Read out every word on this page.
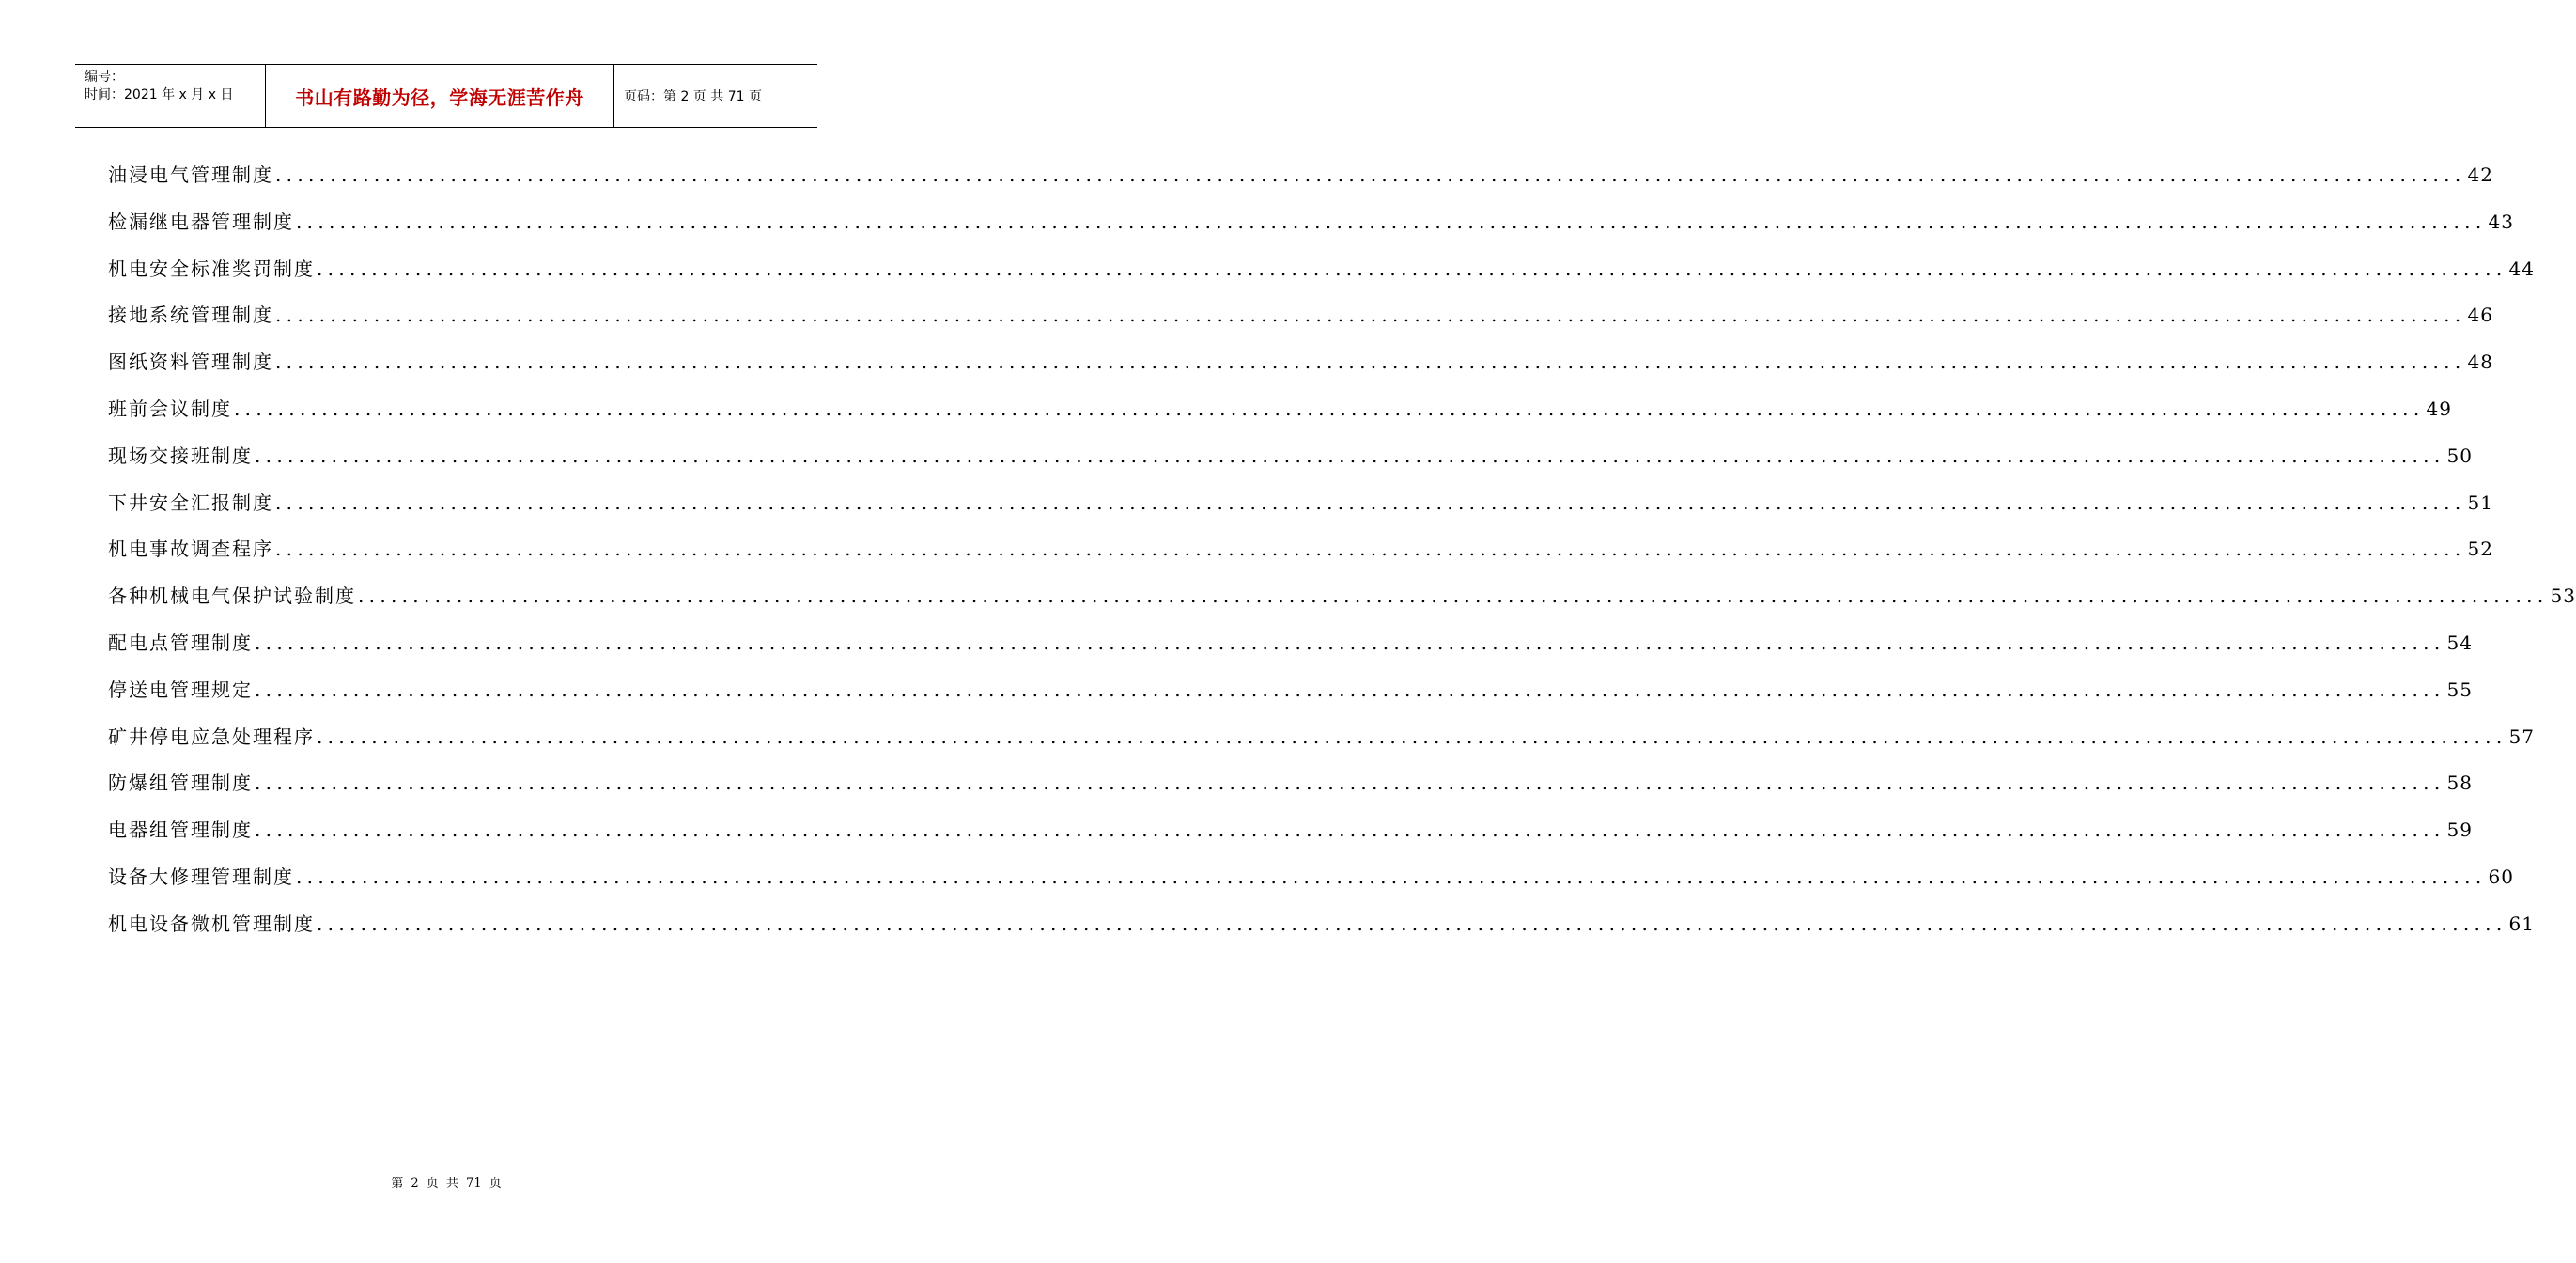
编号：
时间：2021 年 x 月 x 日	书山有路勤为径，学海无涯苦作舟	页码：第 2 页 共 71 页
油浸电气管理制度 ........................................................................................................................................................................................................ 42
检漏继电器管理制度 ........................................................................................................................................................................................................ 43
机电安全标准奖罚制度 ........................................................................................................................................................................................................ 44
接地系统管理制度 ........................................................................................................................................................................................................ 46
图纸资料管理制度 ........................................................................................................................................................................................................ 48
班前会议制度 ........................................................................................................................................................................................................ 49
现场交接班制度 ........................................................................................................................................................................................................ 50
下井安全汇报制度 ........................................................................................................................................................................................................ 51
机电事故调查程序 ........................................................................................................................................................................................................ 52
各种机械电气保护试验制度 ........................................................................................................................................................................................................ 53
配电点管理制度 ........................................................................................................................................................................................................ 54
停送电管理规定 ........................................................................................................................................................................................................ 55
矿井停电应急处理程序 ........................................................................................................................................................................................................ 57
防爆组管理制度 ........................................................................................................................................................................................................ 58
电器组管理制度 ........................................................................................................................................................................................................ 59
设备大修理管理制度 ........................................................................................................................................................................................................ 60
机电设备微机管理制度 ........................................................................................................................................................................................................ 61
第 2 页 共 71 页
